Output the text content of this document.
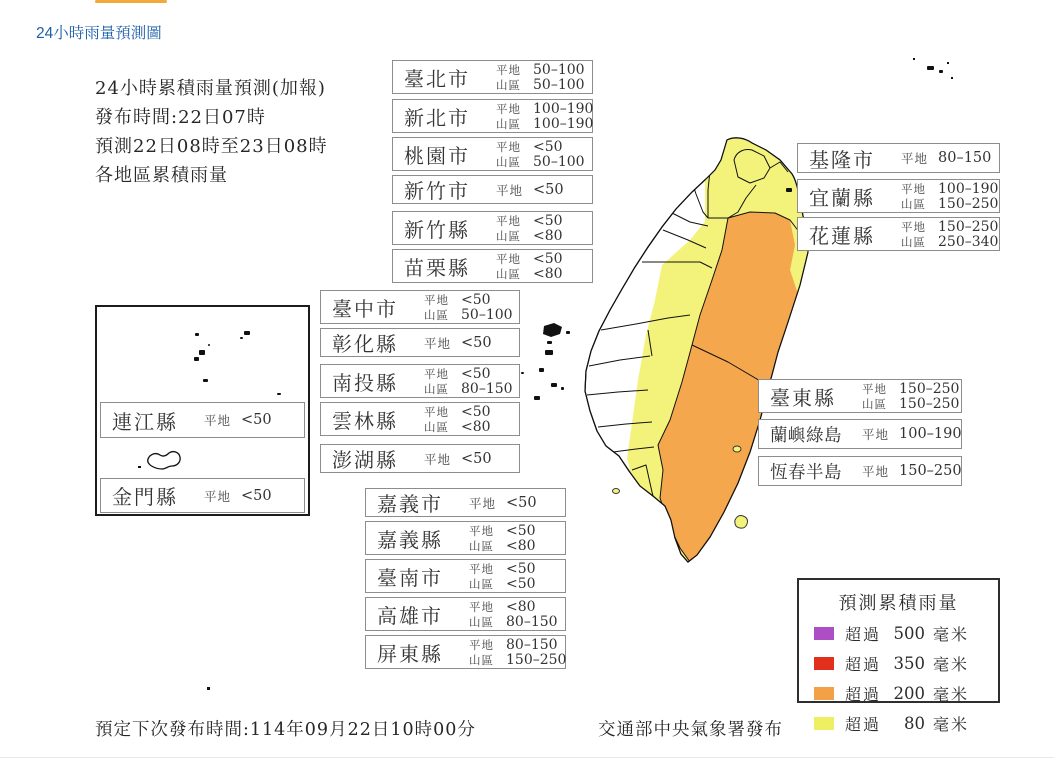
24小時雨量預測圖
24小時累積雨量預測(加報)
發布時間:22日07時
預測22日08時至23日08時
各地區累積雨量
臺北市	平地 50–100
山區 50–100
新北市	平地 100–190
山區 100–190
桃園市	平地 <50
山區 50–100
新竹市	平地 <50
新竹縣	平地 <50
山區 <80
苗栗縣	平地 <50
山區 <80
臺中市	平地 <50
山區 50–100
彰化縣	平地 <50
南投縣	平地 <50
山區 80–150
雲林縣	平地 <50
山區 <80
澎湖縣	平地 <50
嘉義市	平地 <50
嘉義縣	平地 <50
山區 <80
臺南市	平地 <50
山區 <50
高雄市	平地 <80
山區 80–150
屏東縣	平地 80–150
山區 150–250
基隆市	平地 80–150
宜蘭縣	平地 100–190
山區 150–250
花蓮縣	平地 150–250
山區 250–340
臺東縣	平地 150–250
山區 150–250
蘭嶼綠島	平地 100–190
恆春半島	平地 150–250
連江縣	平地 <50
金門縣	平地 <50
預測累積雨量
超過 500 毫米
超過 350 毫米
超過 200 毫米
超過	80 毫米
預定下次發布時間:114年09月22日10時00分	交通部中央氣象署發布
